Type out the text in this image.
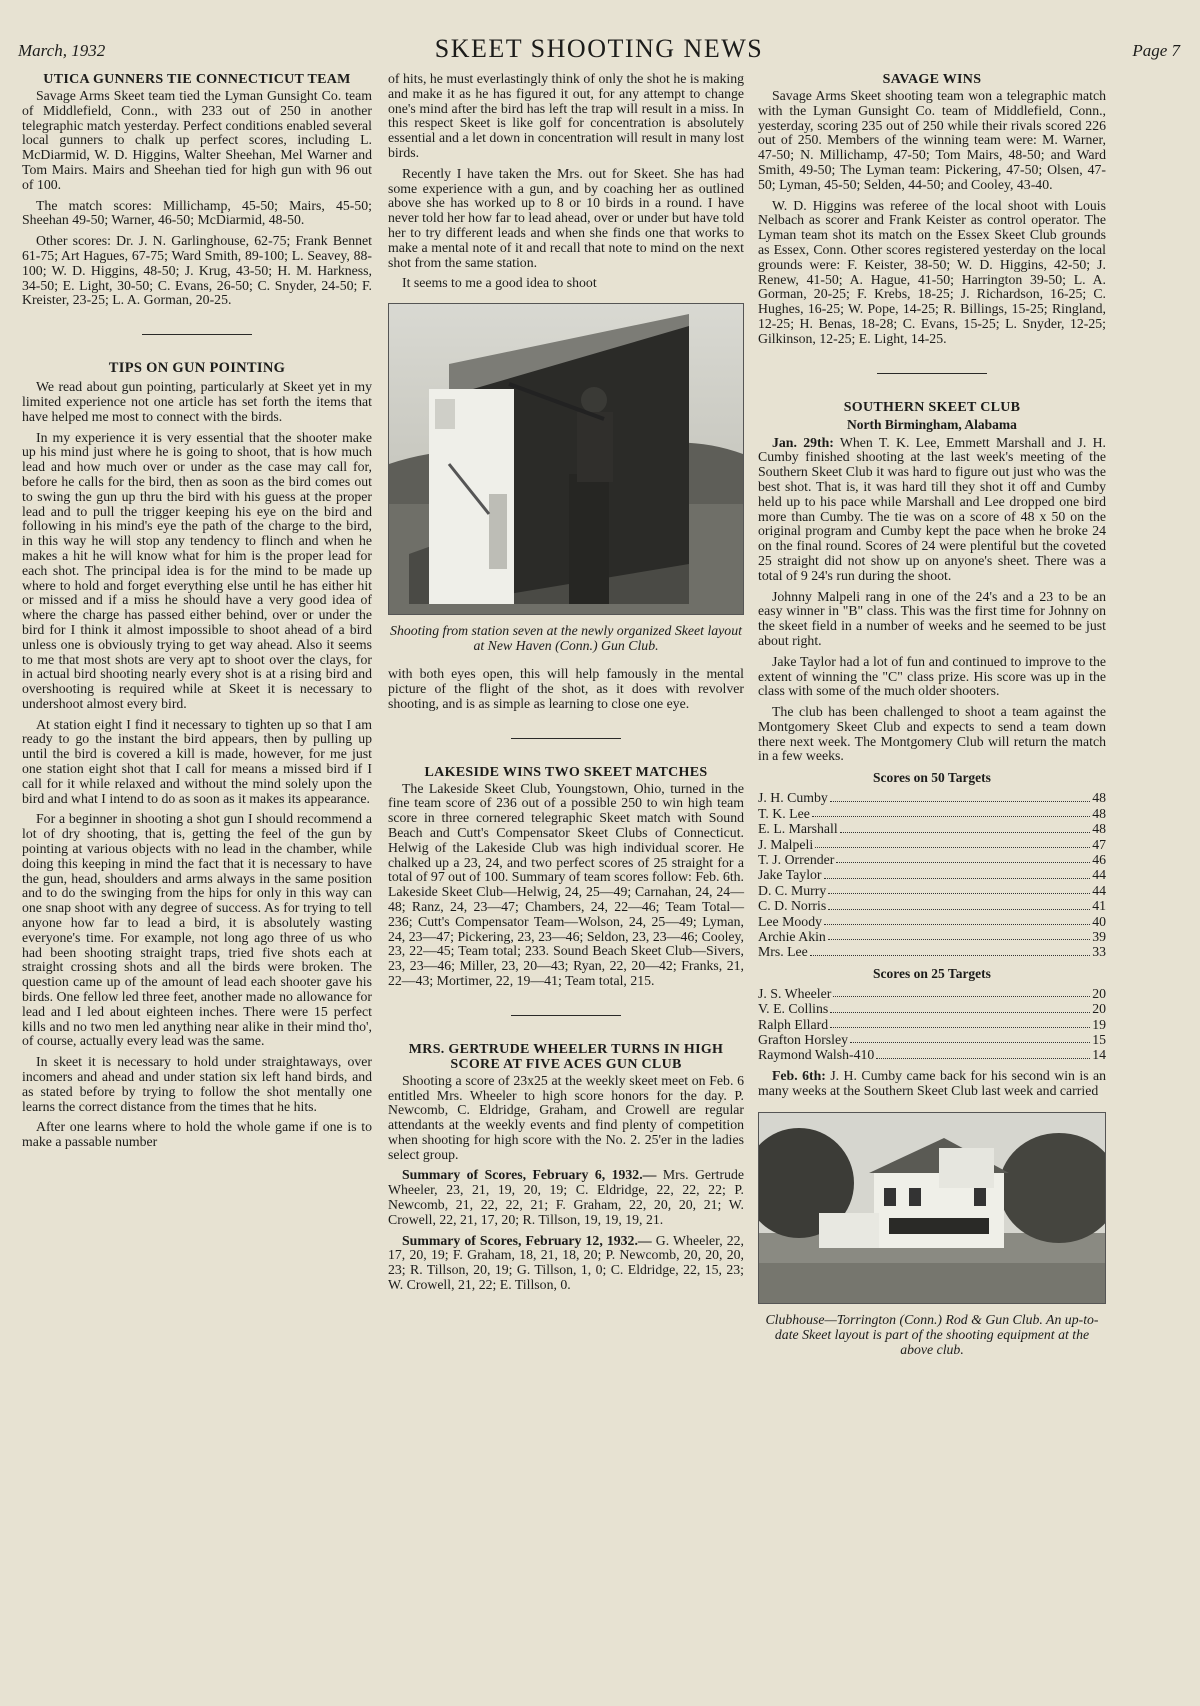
March, 1932	SKEET SHOOTING NEWS	Page 7
UTICA GUNNERS TIE CONNECTICUT TEAM

Savage Arms Skeet team tied the Lyman Gunsight Co. team of Middlefield, Conn., with 233 out of 250 in another telegraphic match yesterday. Perfect conditions enabled several local gunners to chalk up perfect scores, including L. McDiarmid, W. D. Higgins, Walter Sheehan, Mel Warner and Tom Mairs. Mairs and Sheehan tied for high gun with 96 out of 100.

The match scores: Millichamp, 45-50; Mairs, 45-50; Sheehan 49-50; Warner, 46-50; McDiarmid, 48-50.

Other scores: Dr. J. N. Garlinghouse, 62-75; Frank Bennet 61-75; Art Hagues, 67-75; Ward Smith, 89-100; L. Seavey, 88-100; W. D. Higgins, 48-50; J. Krug, 43-50; H. M. Harkness, 34-50; E. Light, 30-50; C. Evans, 26-50; C. Snyder, 24-50; F. Kreister, 23-25; L. A. Gorman, 20-25.

TIPS ON GUN POINTING

We read about gun pointing, particularly at Skeet yet in my limited experience not one article has set forth the items that have helped me most to connect with the birds.

In my experience it is very essential that the shooter make up his mind just where he is going to shoot, that is how much lead and how much over or under as the case may call for, before he calls for the bird, then as soon as the bird comes out to swing the gun up thru the bird with his guess at the proper lead and to pull the trigger keeping his eye on the bird and following in his mind's eye the path of the charge to the bird, in this way he will stop any tendency to flinch and when he makes a hit he will know what for him is the proper lead for each shot. The principal idea is for the mind to be made up where to hold and forget everything else until he has either hit or missed and if a miss he should have a very good idea of where the charge has passed either behind, over or under the bird for I think it almost impossible to shoot ahead of a bird unless one is obviously trying to get way ahead. Also it seems to me that most shots are very apt to shoot over the clays, for in actual bird shooting nearly every shot is at a rising bird and overshooting is required while at Skeet it is necessary to undershoot almost every bird.

At station eight I find it necessary to tighten up so that I am ready to go the instant the bird appears, then by pulling up until the bird is covered a kill is made, however, for me just one station eight shot that I call for means a missed bird if I call for it while relaxed and without the mind solely upon the bird and what I intend to do as soon as it makes its appearance.

For a beginner in shooting a shot gun I should recommend a lot of dry shooting, that is, getting the feel of the gun by pointing at various objects with no lead in the chamber, while doing this keeping in mind the fact that it is necessary to have the gun, head, shoulders and arms always in the same position and to do the swinging from the hips for only in this way can one snap shoot with any degree of success. As for trying to tell anyone how far to lead a bird, it is absolutely wasting everyone's time. For example, not long ago three of us who had been shooting straight traps, tried five shots each at straight crossing shots and all the birds were broken. The question came up of the amount of lead each shooter gave his birds. One fellow led three feet, another made no allowance for lead and I led about eighteen inches. There were 15 perfect kills and no two men led anything near alike in their mind tho', of course, actually every lead was the same.

In skeet it is necessary to hold under straightaways, over incomers and ahead and under station six left hand birds, and as stated before by trying to follow the shot mentally one learns the correct distance from the times that he hits.

After one learns where to hold the whole game if one is to make a passable number

of hits, he must everlastingly think of only the shot he is making and make it as he has figured it out, for any attempt to change one's mind after the bird has left the trap will result in a miss. In this respect Skeet is like golf for concentration is absolutely essential and a let down in concentration will result in many lost birds.

Recently I have taken the Mrs. out for Skeet. She has had some experience with a gun, and by coaching her as outlined above she has worked up to 8 or 10 birds in a round. I have never told her how far to lead ahead, over or under but have told her to try different leads and when she finds one that works to make a mental note of it and recall that note to mind on the next shot from the same station.

It seems to me a good idea to shoot

Shooting from station seven at the newly organized Skeet layout at New Haven (Conn.) Gun Club.

with both eyes open, this will help famously in the mental picture of the flight of the shot, as it does with revolver shooting, and is as simple as learning to close one eye.

LAKESIDE WINS TWO SKEET MATCHES

The Lakeside Skeet Club, Youngstown, Ohio, turned in the fine team score of 236 out of a possible 250 to win high team score in three cornered telegraphic Skeet match with Sound Beach and Cutt's Compensator Skeet Clubs of Connecticut. Helwig of the Lakeside Club was high individual scorer. He chalked up a 23, 24, and two perfect scores of 25 straight for a total of 97 out of 100. Summary of team scores follow: Feb. 6th. Lakeside Skeet Club—Helwig, 24, 25—49; Carnahan, 24, 24—48; Ranz, 24, 23—47; Chambers, 24, 22—46; Team Total—236; Cutt's Compensator Team—Wolson, 24, 25—49; Lyman, 24, 23—47; Pickering, 23, 23—46; Seldon, 23, 23—46; Cooley, 23, 22—45; Team total; 233. Sound Beach Skeet Club—Sivers, 23, 23—46; Miller, 23, 20—43; Ryan, 22, 20—42; Franks, 21, 22—43; Mortimer, 22, 19—41; Team total, 215.

MRS. GERTRUDE WHEELER TURNS IN HIGH SCORE AT FIVE ACES GUN CLUB

Shooting a score of 23x25 at the weekly skeet meet on Feb. 6 entitled Mrs. Wheeler to high score honors for the day. P. Newcomb, C. Eldridge, Graham, and Crowell are regular attendants at the weekly events and find plenty of competition when shooting for high score with the No. 2. 25'er in the ladies select group.

Summary of Scores, February 6, 1932.— Mrs. Gertrude Wheeler, 23, 21, 19, 20, 19; C. Eldridge, 22, 22, 22; P. Newcomb, 21, 22, 22, 21; F. Graham, 22, 20, 20, 21; W. Crowell, 22, 21, 17, 20; R. Tillson, 19, 19, 19, 21.

Summary of Scores, February 12, 1932.— G. Wheeler, 22, 17, 20, 19; F. Graham, 18, 21, 18, 20; P. Newcomb, 20, 20, 20, 23; R. Tillson, 20, 19; G. Tillson, 1, 0; C. Eldridge, 22, 15, 23; W. Crowell, 21, 22; E. Tillson, 0.

SAVAGE WINS

Savage Arms Skeet shooting team won a telegraphic match with the Lyman Gunsight Co. team of Middlefield, Conn., yesterday, scoring 235 out of 250 while their rivals scored 226 out of 250. Members of the winning team were: M. Warner, 47-50; N. Millichamp, 47-50; Tom Mairs, 48-50; and Ward Smith, 49-50; The Lyman team: Pickering, 47-50; Olsen, 47-50; Lyman, 45-50; Selden, 44-50; and Cooley, 43-40.

W. D. Higgins was referee of the local shoot with Louis Nelbach as scorer and Frank Keister as control operator. The Lyman team shot its match on the Essex Skeet Club grounds as Essex, Conn. Other scores registered yesterday on the local grounds were: F. Keister, 38-50; W. D. Higgins, 42-50; J. Renew, 41-50; A. Hague, 41-50; Harrington 39-50; L. A. Gorman, 20-25; F. Krebs, 18-25; J. Richardson, 16-25; C. Hughes, 16-25; W. Pope, 14-25; R. Billings, 15-25; Ringland, 12-25; H. Benas, 18-28; C. Evans, 15-25; L. Snyder, 12-25; Gilkinson, 12-25; E. Light, 14-25.

SOUTHERN SKEET CLUB
North Birmingham, Alabama

Jan. 29th: When T. K. Lee, Emmett Marshall and J. H. Cumby finished shooting at the last week's meeting of the Southern Skeet Club it was hard to figure out just who was the best shot. That is, it was hard till they shot it off and Cumby held up to his pace while Marshall and Lee dropped one bird more than Cumby. The tie was on a score of 48 x 50 on the original program and Cumby kept the pace when he broke 24 on the final round. Scores of 24 were plentiful but the coveted 25 straight did not show up on anyone's sheet. There was a total of 9 24's run during the shoot.

Johnny Malpeli rang in one of the 24's and a 23 to be an easy winner in "B" class. This was the first time for Johnny on the skeet field in a number of weeks and he seemed to be just about right.

Jake Taylor had a lot of fun and continued to improve to the extent of winning the "C" class prize. His score was up in the class with some of the much older shooters.

The club has been challenged to shoot a team against the Montgomery Skeet Club and expects to send a team down there next week. The Montgomery Club will return the match in a few weeks.

Scores on 50 Targets
J. H. Cumby	48
T. K. Lee	48
E. L. Marshall	48
J. Malpeli	47
T. J. Orrender	46
Jake Taylor	44
D. C. Murry	44
C. D. Norris	41
Lee Moody	40
Archie Akin	39
Mrs. Lee	33
Scores on 25 Targets
J. S. Wheeler	20
V. E. Collins	20
Ralph Ellard	19
Grafton Horsley	15
Raymond Walsh-410	14

Feb. 6th: J. H. Cumby came back for his second win is an many weeks at the Southern Skeet Club last week and carried

Clubhouse—Torrington (Conn.) Rod & Gun Club. An up-to-date Skeet layout is part of the shooting equipment at the above club.
